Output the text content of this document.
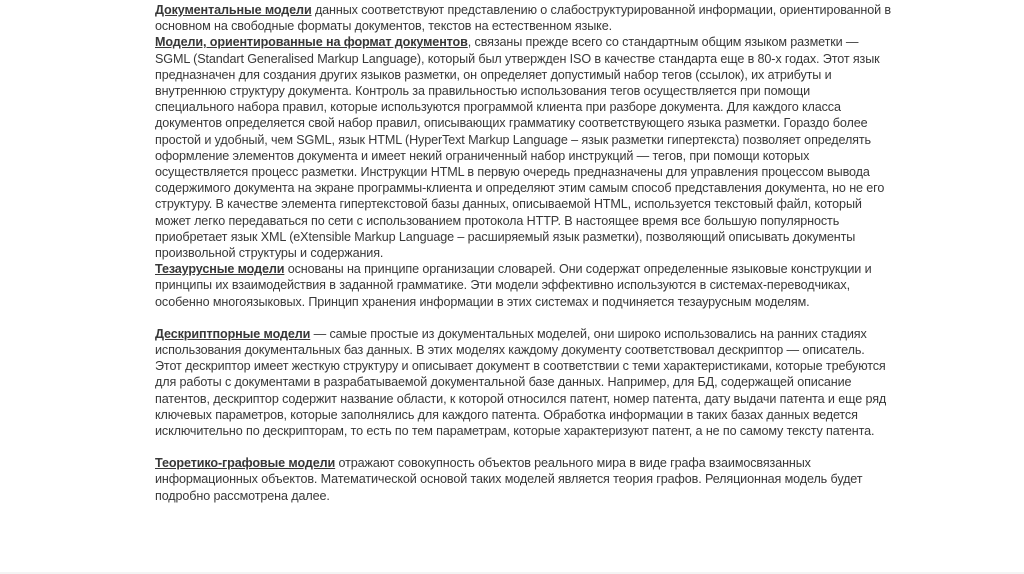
Документальные модели данных соответствуют представлению о слабоструктурированной информации, ориентированной в основном на свободные форматы документов, текстов на естественном языке.

Модели, ориентированные на формат документов, связаны прежде всего со стандартным общим языком разметки — SGML (Standart Generalised Markup Language), который был утвержден ISO в качестве стандарта еще в 80-х годах. Этот язык предназначен для создания других языков разметки, он определяет допустимый набор тегов (ссылок), их атрибуты и внутреннюю структуру документа. Контроль за правильностью использования тегов осуществляется при помощи специального набора правил, которые используются программой клиента при разборе документа. Для каждого класса документов определяется свой набор правил, описывающих грамматику соответствующего языка разметки. Гораздо более простой и удобный, чем SGML, язык HTML (HyperText Markup Language – язык разметки гипертекста) позволяет определять оформление элементов документа и имеет некий ограниченный набор инструкций — тегов, при помощи которых осуществляется процесс разметки. Инструкции HTML в первую очередь предназначены для управления процессом вывода содержимого документа на экране программы-клиента и определяют этим самым способ представления документа, но не его структуру. В качестве элемента гипертекстовой базы данных, описываемой HTML, используется текстовый файл, который может легко передаваться по сети с использованием протокола HTTP. В настоящее время все большую популярность приобретает язык XML (eXtensible Markup Language – расширяемый язык разметки), позволяющий описывать документы произвольной структуры и содержания.

Тезаурусные модели основаны на принципе организации словарей. Они содержат определенные языковые конструкции и принципы их взаимодействия в заданной грамматике. Эти модели эффективно используются в системах-переводчиках, особенно многоязыковых. Принцип хранения информации в этих системах и подчиняется тезаурусным моделям.

Дескриптпорные модели — самые простые из документальных моделей, они широко использовались на ранних стадиях использования документальных баз данных. В этих моделях каждому документу соответствовал дескриптор — описатель. Этот дескриптор имеет жесткую структуру и описывает документ в соответствии с теми характеристиками, которые требуются для работы с документами в разрабатываемой документальной базе данных. Например, для БД, содержащей описание патентов, дескриптор содержит название области, к которой относился патент, номер патента, дату выдачи патента и еще ряд ключевых параметров, которые заполнялись для каждого патента. Обработка информации в таких базах данных ведется исключительно по дескрипторам, то есть по тем параметрам, которые характеризуют патент, а не по самому тексту патента.

Теоретико-графовые модели отражают совокупность объектов реального мира в виде графа взаимосвязанных информационных объектов. Математической основой таких моделей является теория графов. Реляционная модель будет подробно рассмотрена далее.
